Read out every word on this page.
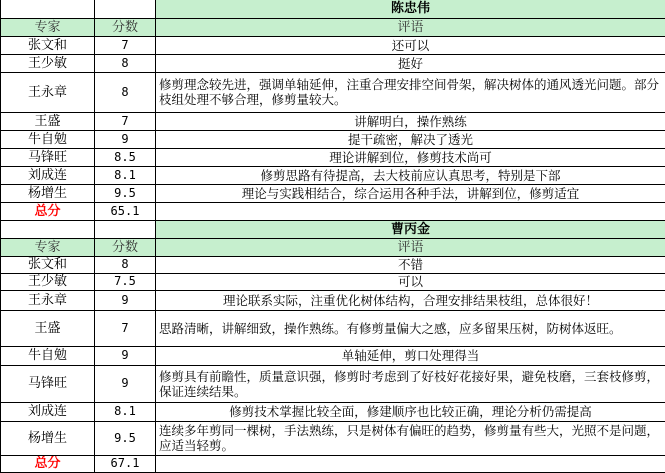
		陈忠伟
专家	分数	评语
张文和	7	还可以
王少敏	8	挺好
王永章	8	修剪理念较先进，强调单轴延伸，注重合理安排空间骨架，解决树体的通风透光问题。部分枝组处理不够合理，修剪量较大。
王盛	7	讲解明白，操作熟练
牛自勉	9	提干疏密，解决了透光
马锋旺	8.5	理论讲解到位，修剪技术尚可
刘成连	8.1	修剪思路有待提高，去大枝前应认真思考，特别是下部
杨增生	9.5	理论与实践相结合，综合运用各种手法，讲解到位，修剪适宜
总分	65.1	
		曹丙金
专家	分数	评语
张文和	8	不错
王少敏	7.5	可以
王永章	9	理论联系实际，注重优化树体结构，合理安排结果枝组，总体很好！
王盛	7	思路清晰，讲解细致，操作熟练。有修剪量偏大之感，应多留果压树，防树体返旺。
牛自勉	9	单轴延伸，剪口处理得当
马锋旺	9	修剪具有前瞻性，质量意识强，修剪时考虑到了好枝好花接好果，避免枝磨，三套枝修剪，保证连续结果。
刘成连	8.1	修剪技术掌握比较全面，修建顺序也比较正确，理论分析仍需提高
杨增生	9.5	连续多年剪同一棵树，手法熟练，只是树体有偏旺的趋势，修剪量有些大，光照不是问题，应适当轻剪。
总分	67.1	
